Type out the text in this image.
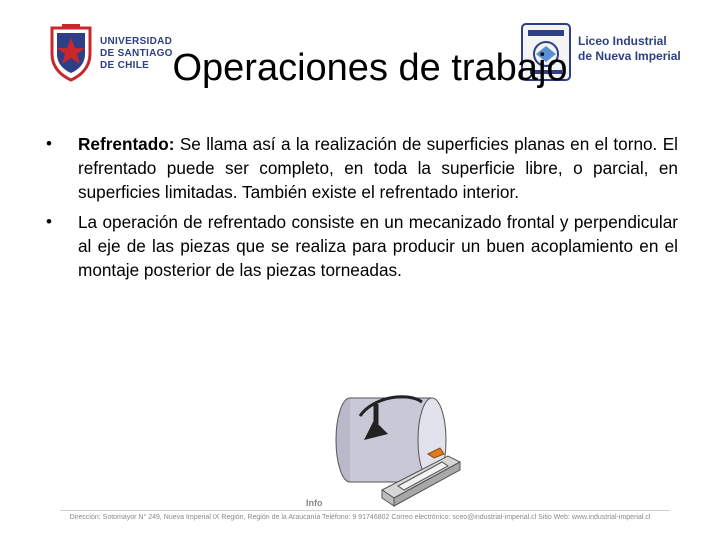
UNIVERSIDAD
DE SANTIAGO
DE CHILE
Liceo Industrial
de Nueva Imperial
Operaciones de trabajo
• Refrentado: Se llama así a la realización de superficies planas en el torno. El refrentado puede ser completo, en toda la superficie libre, o parcial, en superficies limitadas. También existe el refrentado interior.
• La operación de refrentado consiste en un mecanizado frontal y perpendicular al eje de las piezas que se realiza para producir un buen acoplamiento en el montaje posterior de las piezas torneadas.
Info
Dirección: Sotomayor N° 249, Nueva Imperial IX Región, Región de la Araucanía Teléfono: 9 91746802 Correo electrónico: sceo@industrial-imperial.cl Sitio Web: www.industrial-imperial.cl
